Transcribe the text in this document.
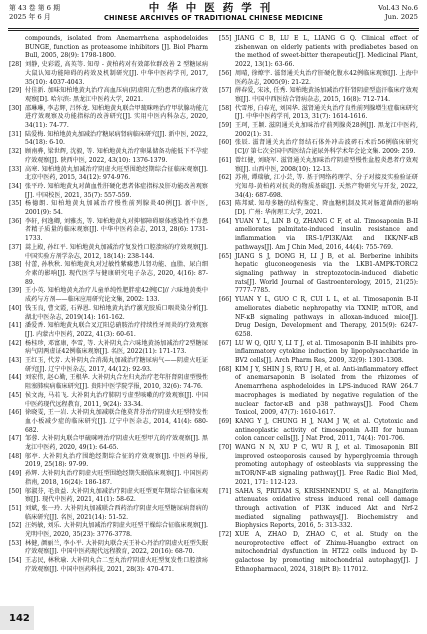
第 43 卷 第 6 期
2025 年 6 月
中华中医药学刊
CHINESE ARCHIVES OF TRADITIONAL CHINESE MEDICINE
Vol.43 No.6
Jun. 2025
compounds, isolated from Anemarrhena asphodeloides BUNGE, function as proteasome inhibitors [J]. Biol Pharm Bull, 2005, 28(9): 1798-1800.
[28] 刘静, 史彩霞, 高英等. 知母 - 黄柏药对有效部位群改善 2 型糖尿病大鼠认知功能障碍的药效及机制研究[J]. 中华中医药学刊, 2017, 35(10): 4037-4043.
[29] 付佳新. 加味知柏地黄丸治疗高血压病(阴虚阳亢型)患者的临床疗效观察[D]. 哈尔滨: 黑龙江中医药大学, 2021.
[30] 邵琳琳, 李志辉, 吕怀龙. 知柏地黄丸联合甲巯咪唑治疗甲状腺功能亢进疗效观察及功能指标的改善研究[J]. 实用中医内科杂志, 2020, 34(11): 74-77.
[31] 陆爱梅. 知柏地黄丸加减治疗糖尿病肾病临床研究[J]. 新中医, 2022, 54(18): 6-10.
[32] 顾南骅, 梁世辉, 沈毅, 等. 知柏地黄丸治疗卵巢储备功能低下不孕症疗效观察[J]. 陕西中医, 2022, 43(10): 1376-1379.
[33] 高寒. 知柏地黄丸加减治疗阴虚火旺型围绝经期综合征临床观察[J]. 北京中医药, 2015, 34(12): 974-976.
[34] 张平玲. 知柏地黄丸对菌血性肝硬化患者体症指标及肝功能改善观察[J]. 中国校医, 2021, 35(7): 557-559.
[35] 杨德朗. 知柏地黄丸加减治疗慢性前列腺炎40例[J]. 新中医, 2001(9): 54.
[36] 李轩, 何逸卿, 刘雅杰, 等. 知柏地黄丸对抑郁障碍原体感染性不育患者精子质量的临床观察[J]. 中华中医药杂志, 2013, 28(6): 1731-1733.
[37] 蒿上殿, 孙红平. 知柏地黄丸加减治疗复发性口腔溃疡的疗效观察[J]. 中国实验方剂学杂志, 2012, 18(14): 238-144.
[38] 付蕾, 孙秋秋. 知柏地黄丸对过敏性紫癜患儿肾功能、血脂、尿白细介素的影响[J]. 现代医学与健康研究电子杂志, 2020, 4(16): 87-89.
[39] 王小英. 知柏地黄丸治疗儿童单纯性肥胖症42例[C]// 六味地黄类中成药与方剂——临床应用研究论文集, 2002: 133.
[40] 钱玉良, 曹文霞, 石界恩. 知柏地黄丸治疗激光胶质口咽炎染分析[J]. 湖北中医杂志, 2019(14): 161-162.
[41] 潘爱香. 知柏地黄丸联合叉辽阳总硝胺治疗持续性牙周炎的疗效观察[J]. 内蒙古中医药, 2022, 41(3): 60-61.
[42] 杨桂珍, 邓富康, 李雪, 等. 大补阴丸合六味地黄汤加减治疗2型糖尿病气阴两虚证42例临床观察[J]. 名医, 2022(11): 171-173.
[43] 王红玉, 代芳. 大补阴丸合消渴丸加减治疗糖尿病气——阴虚火旺证研究[J]. 辽宁中医杂志, 2017, 44(12): 92-93.
[44] 刘宏伟, 赵心勤, 王根华. 大补阴丸合左归丸治疗老年肝肾阴虚型慢性阻塞肺疾病临床研究[J]. 贵阳中医学院学报, 2010, 32(6): 74-76.
[45] 侯文海, 马若飞. 大补阴丸治疗肺阴亏虚型咳嗽的疗效观察[J]. 中国中医药现代远程教育, 2011, 9(24): 33-34.
[46] 徐晓雯, 王一岩. 大补阴丸加减联合他莫昔芬治疗阴虚火旺型特发性血小板减少症的临床研究[J]. 辽宁中医杂志, 2014, 41(4): 680-682.
[47] 邹蓉. 大补阴丸联合甲硫咪唑治疗阴虚火旺型甲亢的疗效观察[J]. 黑龙江中医药, 2020, 49(1): 64-65.
[48] 邬亭. 大补阴丸治疗围绝经期综合征的疗效观察[J]. 中医药导报, 2019, 25(18): 97-99.
[49] 孙辉. 大补阴丸治疗阴虚火旺型围绝经期失眠临床观察[J]. 中国医药指南, 2018, 16(24): 186-187.
[50] 邬淑芬, 毛贵益. 大补阴丸加减治疗阴虚火旺型更年期综合征临床观察[J]. 现代中医药, 2021, 41(1): 58-62.
[51] 刘斌, 张一玲. 大补阴丸加减联合西药治疗阴虚火旺型糖尿病肾病的临床研究[J]. 名医, 2021(14): 51-52.
[52] 汪妈敏, 刘乐. 大补阴丸加减治疗阴虚火旺型干燥综合征临床观察[J]. 光明中医, 2020, 35(23): 3776-3778.
[53] 林健, 颜丽兰, 李小平. 大补阴丸联合天王补心丹治疗阴虚火旺型失眠疗效观察[J]. 中国中医药现代远程教育, 2022, 20(16): 68-70.
[54] 王志民, 林秋瑜. 大补阴丸合二至丸治疗阴虚火旺型复发性口腔溃疡疗效观察[J]. 中国中医药科技, 2021, 28(3): 470-471.
[55] JIANG C B, LU E L, LIANG G Q. Clinical effect of zishenwan on elderly patients with prediabetes based on the method of sweet-bitter therapeutic[J]. Medicinal Plant, 2022, 13(1): 63-66.
[56] 周晴, 徐燎宇. 滋肾通关丸治疗肝硬化腹水42例临床观察[J]. 上海中医药杂志, 2005(9): 21-22.
[57] 薛春爱, 宋冰, 任秀. 知柏地黄汤加减治疗肝肾阴虚型盗汗临床疗效观察[J]. 中国中西医结合肾病杂志, 2015, 16(8): 712-714.
[58] 代雪彤, 白春光, 刘国华. 滋肾通关丸治疗良性前列腺增生症临床研究[J]. 中华中医药学刊, 2013, 31(7): 1614-1616.
[59] 王珂, 王颖. 滋阴通关丸加味治疗前列腺炎28例[J]. 黑龙江中医药, 2002(1): 31.
[60] 张辰. 滋肾通关丸治疗肾结石体外冲击波碎石术后56例临床研究[C]// 第七次全国中西医结合泌尿外科学术年会论文集. 2009: 259.
[61] 曾红健, 刘晓军. 滋肾通关丸加味治疗阴虚型慢性盆腔炎患者疗效观察[J]. 山西中医, 2008(10): 12-13.
[62] 苏南, 谭瑞敏, 江小芸, 等. 基于网络药理学、分子对接及实验验证研究知母-黄柏药对抗炎的物质基础[J]. 天然产物研究与开发, 2022, 34(4): 687-698.
[63] 陈邦斌. 知母多糖的结构鉴定、降血糖机制及其对肠道菌群的影响[D]. 广州: 华南理工大学, 2021.
[64] YUAN Y L, LIN B Q, ZHANG C F, et al. Timosaponin B-II ameliorates palmitate-induced insulin resistance and inflammation via IRS-1/PI3K/Akt and IKK/NF-κB pathways[J]. Am J Chin Med, 2016, 44(4): 755-769.
[65] JIANG S J, DONG H, LI J B, et al. Berberine inhibits hepatic gluconeogenesis via the LKB1-AMPK-TORC2 signaling pathway in streptozotocin-induced diabetic rats[J]. World Journal of Gastroenterology, 2015, 21(25): 7777-7785.
[66] YUAN Y L, GUO C R, CUI L L, et al. Timosaponin B-II ameliorates diabetic nephropathy via TXNIP, mTOR, and NF-κB signaling pathways in alloxan-induced mice[J]. Drug Design, Development and Therapy, 2015(9): 6247-6258.
[67] LU W Q, QIU Y, LI T J, et al. Timosaponin B-II inhibits pro-inflammatory cytokine induction by lipopolysaccharide in BV2 cells[J]. Arch Pharm Res, 2009, 32(9): 1301-1308.
[68] KIM J Y, SHIN J S, RYU J H, et al. Anti-inflammatory effect of anemarsaponin B isolated from the rhizomes of Anemarrhena asphodeloides in LPS-induced RAW 264.7 macrophages is mediated by negative regulation of the nuclear factor-κB and p38 pathways[J]. Food Chem Toxicol, 2009, 47(7): 1610-1617.
[69] KANG Y J, CHUNG H J, NAM J W, et al. Cytotoxic and antineoplastic activity of timosaponin A-III for human colon cancer cells[J]. J Nat Prod, 2011, 74(4): 701-706.
[70] WANG N N, XU P C, WU R J, et al. Timosaponin BII improved osteoporosis caused by hyperglycemia through promoting autophagy of osteoblasts via suppressing the mTOR/NF-κB signaling pathway[J]. Free Radic Biol Med, 2021, 171: 112-123.
[71] SAHA S, PRITAM S, KRISHNENDU S, et al. Mangiferin attenuates oxidative stress induced renal cell damage through activation of PI3K induced Akt and Nrf-2 mediated signaling pathways[J]. Biochemistry and Biophysics Reports, 2016, 5: 313-332.
[72] XUE A, ZHAO D, ZHAO C, et al. Study on the neuroprotective effect of Zhimu-Huangbo extract on mitochondrial dysfunction in HT22 cells induced by D-galactose by promoting mitochondrial autophagy[J]. J Ethnopharmacol, 2024, 318(Pt B): 117012.
142
